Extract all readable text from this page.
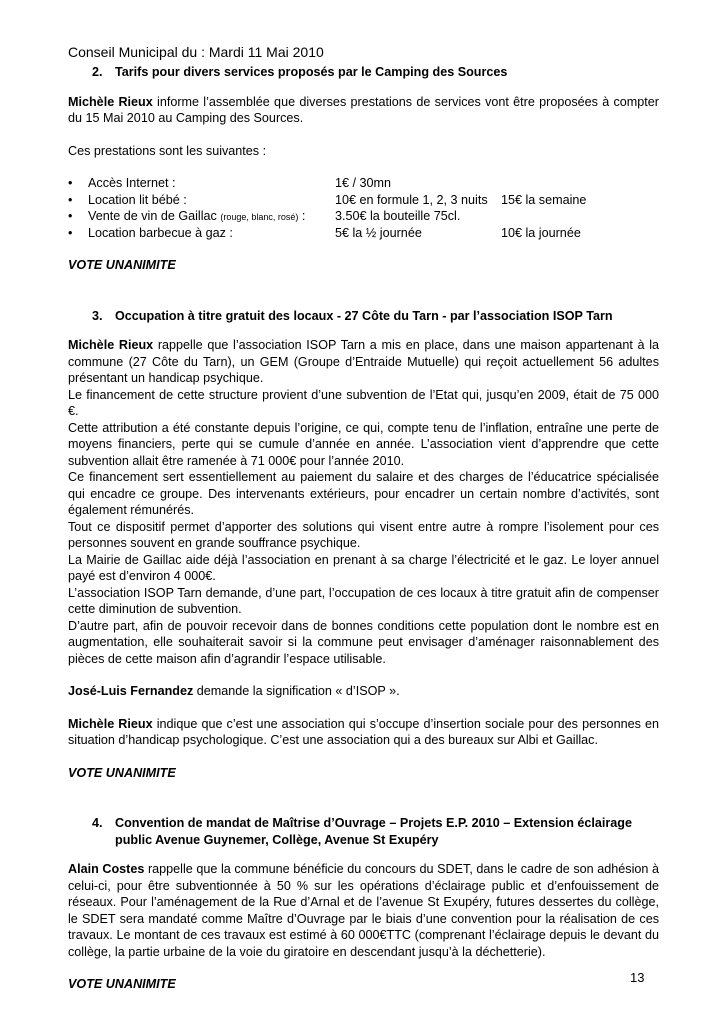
Conseil Municipal du : Mardi 11 Mai 2010
2. Tarifs pour divers services proposés par le Camping des Sources

Michèle Rieux informe l’assemblée que diverses prestations de services vont être proposées à compter du 15 Mai 2010 au Camping des Sources.

Ces prestations sont les suivantes :

•	Accès Internet :	1€ / 30mn
•	Location lit bébé :	10€ en formule 1, 2, 3 nuits	15€ la semaine
•	Vente de vin de Gaillac (rouge, blanc, rosé) :	3.50€ la bouteille 75cl.
•	Location barbecue à gaz :	5€ la ½ journée	10€ la journée
VOTE UNANIMITE
3. Occupation à titre gratuit des locaux - 27 Côte du Tarn - par l’association ISOP Tarn

Michèle Rieux rappelle que l’association ISOP Tarn a mis en place, dans une maison appartenant à la commune (27 Côte du Tarn), un GEM (Groupe d’Entraide Mutuelle) qui reçoit actuellement 56 adultes présentant un handicap psychique.

Le financement de cette structure provient d’une subvention de l’Etat qui, jusqu’en 2009, était de 75 000 €.

Cette attribution a été constante depuis l’origine, ce qui, compte tenu de l’inflation, entraîne une perte de moyens financiers, perte qui se cumule d’année en année. L’association vient d’apprendre que cette subvention allait être ramenée à 71 000€ pour l’année 2010.

Ce financement sert essentiellement au paiement du salaire et des charges de l’éducatrice spécialisée qui encadre ce groupe. Des intervenants extérieurs, pour encadrer un certain nombre d’activités, sont également rémunérés.

Tout ce dispositif permet d’apporter des solutions qui visent entre autre à rompre l’isolement pour ces personnes souvent en grande souffrance psychique.

La Mairie de Gaillac aide déjà l’association en prenant à sa charge l’électricité et le gaz. Le loyer annuel payé est d’environ 4 000€.

L’association ISOP Tarn demande, d’une part, l’occupation de ces locaux à titre gratuit afin de compenser cette diminution de subvention.

D’autre part, afin de pouvoir recevoir dans de bonnes conditions cette population dont le nombre est en augmentation, elle souhaiterait savoir si la commune peut envisager d’aménager raisonnablement des pièces de cette maison afin d’agrandir l’espace utilisable.

José-Luis Fernandez demande la signification « d’ISOP ».

Michèle Rieux indique que c’est une association qui s’occupe d’insertion sociale pour des personnes en situation d’handicap psychologique. C’est une association qui a des bureaux sur Albi et Gaillac.

VOTE UNANIMITE
4. Convention de mandat de Maîtrise d’Ouvrage – Projets E.P. 2010 – Extension éclairage public Avenue Guynemer, Collège, Avenue St Exupéry

Alain Costes rappelle que la commune bénéficie du concours du SDET, dans le cadre de son adhésion à celui-ci, pour être subventionnée à 50 % sur les opérations d’éclairage public et d’enfouissement de réseaux. Pour l’aménagement de la Rue d’Arnal et de l’avenue St Exupéry, futures dessertes du collège, le SDET sera mandaté comme Maître d’Ouvrage par le biais d’une convention pour la réalisation de ces travaux. Le montant de ces travaux est estimé à 60 000€TTC (comprenant l’éclairage depuis le devant du collège, la partie urbaine de la voie du giratoire en descendant jusqu’à la déchetterie).

VOTE UNANIMITE	13
